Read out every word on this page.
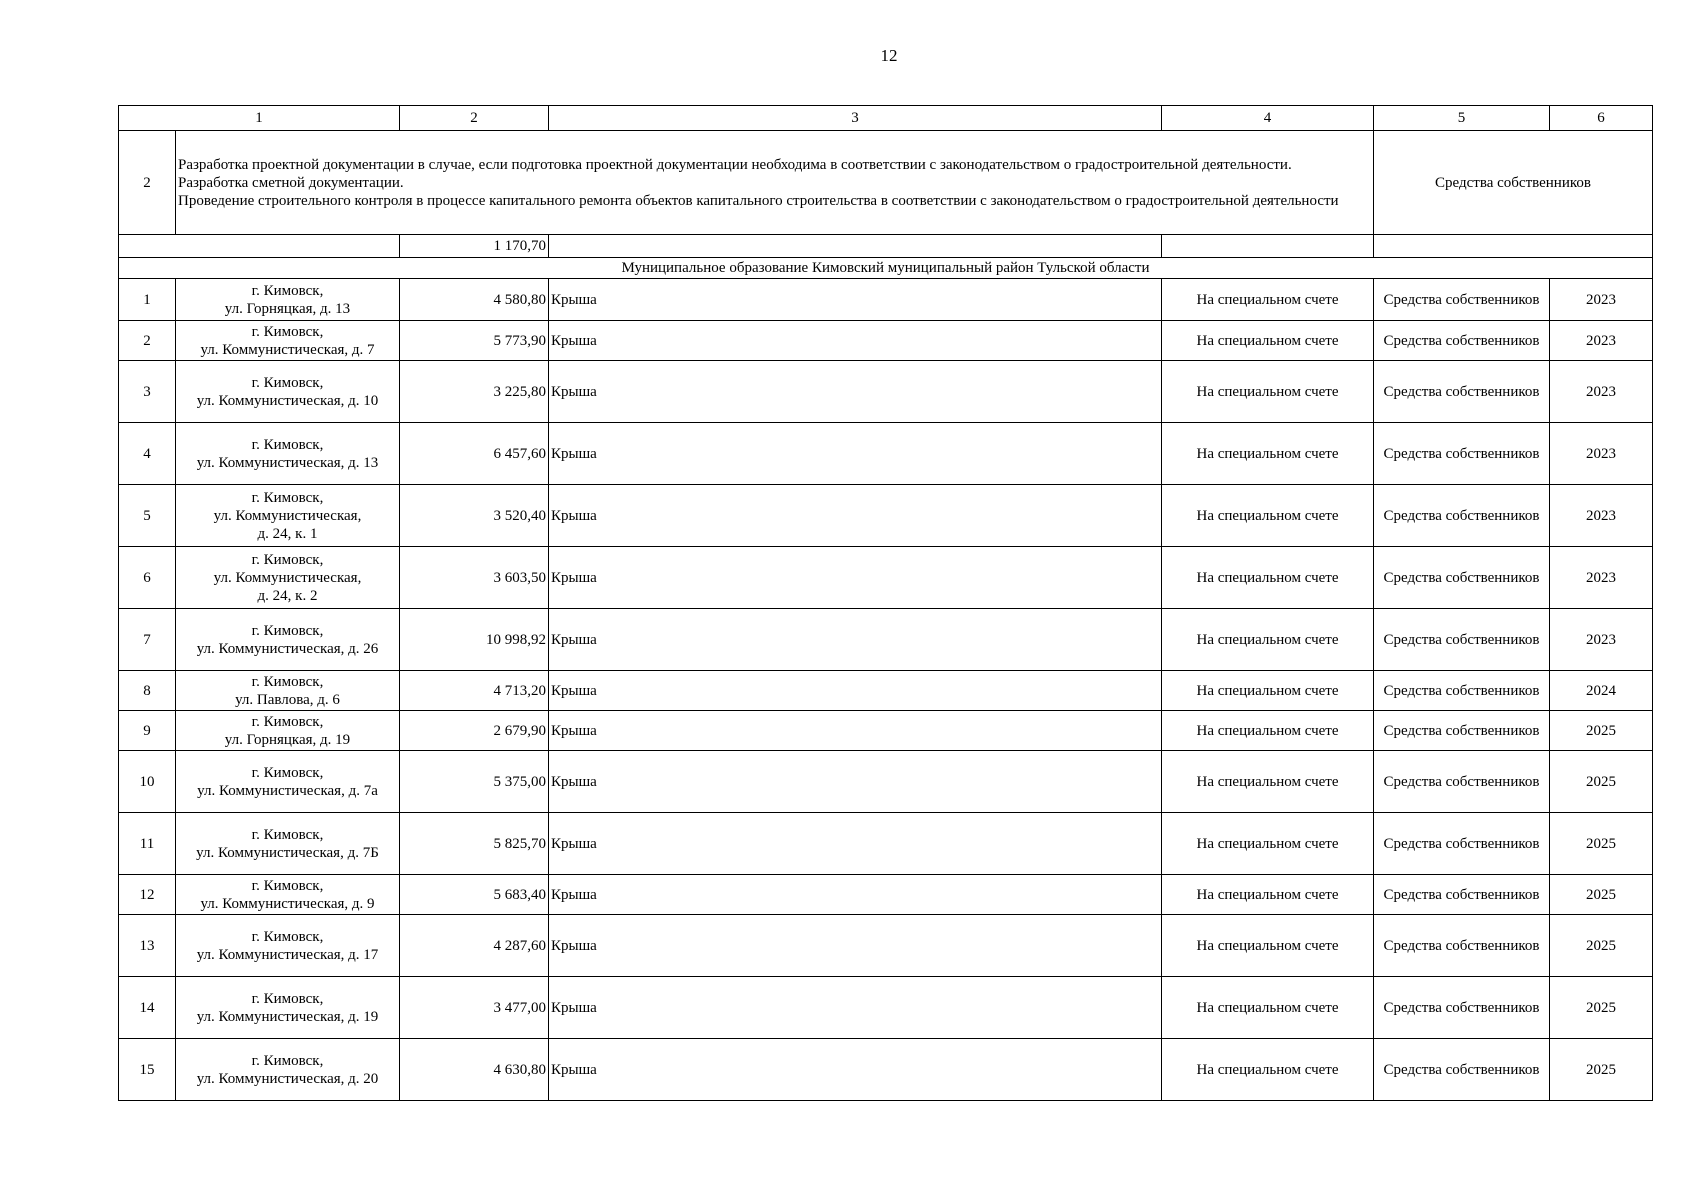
12
1		2	3	4	5	6
2	Разработка проектной документации в случае, если подготовка проектной документации необходима в соответствии с законодательством о градостроительной деятельности.
Разработка сметной документации.
Проведение строительного контроля в процессе капитального ремонта объектов капитального строительства в соответствии с законодательством о градостроительной деятельности				Средства собственников	
		1 170,70				
Муниципальное образование Кимовский муниципальный район Тульской области						
1	г. Кимовск,
ул. Горняцкая, д. 13	4 580,80	Крыша	На специальном счете	Средства собственников	2023
2	г. Кимовск,
ул. Коммунистическая, д. 7	5 773,90	Крыша	На специальном счете	Средства собственников	2023
3	г. Кимовск,
ул. Коммунистическая, д. 10	3 225,80	Крыша	На специальном счете	Средства собственников	2023
4	г. Кимовск,
ул. Коммунистическая, д. 13	6 457,60	Крыша	На специальном счете	Средства собственников	2023
5	г. Кимовск,
ул. Коммунистическая,
д. 24, к. 1	3 520,40	Крыша	На специальном счете	Средства собственников	2023
6	г. Кимовск,
ул. Коммунистическая,
д. 24, к. 2	3 603,50	Крыша	На специальном счете	Средства собственников	2023
7	г. Кимовск,
ул. Коммунистическая, д. 26	10 998,92	Крыша	На специальном счете	Средства собственников	2023
8	г. Кимовск,
ул. Павлова, д. 6	4 713,20	Крыша	На специальном счете	Средства собственников	2024
9	г. Кимовск,
ул. Горняцкая, д. 19	2 679,90	Крыша	На специальном счете	Средства собственников	2025
10	г. Кимовск,
ул. Коммунистическая, д. 7а	5 375,00	Крыша	На специальном счете	Средства собственников	2025
11	г. Кимовск,
ул. Коммунистическая, д. 7Б	5 825,70	Крыша	На специальном счете	Средства собственников	2025
12	г. Кимовск,
ул. Коммунистическая, д. 9	5 683,40	Крыша	На специальном счете	Средства собственников	2025
13	г. Кимовск,
ул. Коммунистическая, д. 17	4 287,60	Крыша	На специальном счете	Средства собственников	2025
14	г. Кимовск,
ул. Коммунистическая, д. 19	3 477,00	Крыша	На специальном счете	Средства собственников	2025
15	г. Кимовск,
ул. Коммунистическая, д. 20	4 630,80	Крыша	На специальном счете	Средства собственников	2025
